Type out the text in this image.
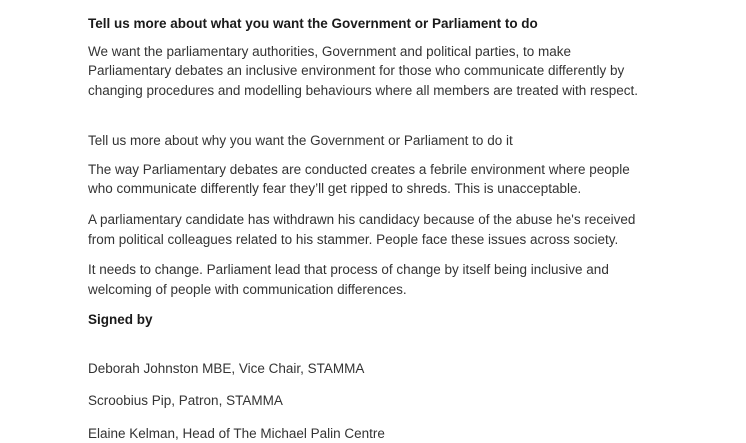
Tell us more about what you want the Government or Parliament to do

We want the parliamentary authorities, Government and political parties, to make Parliamentary debates an inclusive environment for those who communicate differently by changing procedures and modelling behaviours where all members are treated with respect.

Tell us more about why you want the Government or Parliament to do it

The way Parliamentary debates are conducted creates a febrile environment where people who communicate differently fear they’ll get ripped to shreds. This is unacceptable.

A parliamentary candidate has withdrawn his candidacy because of the abuse he's received from political colleagues related to his stammer. People face these issues across society.

It needs to change. Parliament lead that process of change by itself being inclusive and welcoming of people with communication differences.

Signed by
Deborah Johnston MBE, Vice Chair, STAMMA
Scroobius Pip, Patron, STAMMA
Elaine Kelman, Head of The Michael Palin Centre
